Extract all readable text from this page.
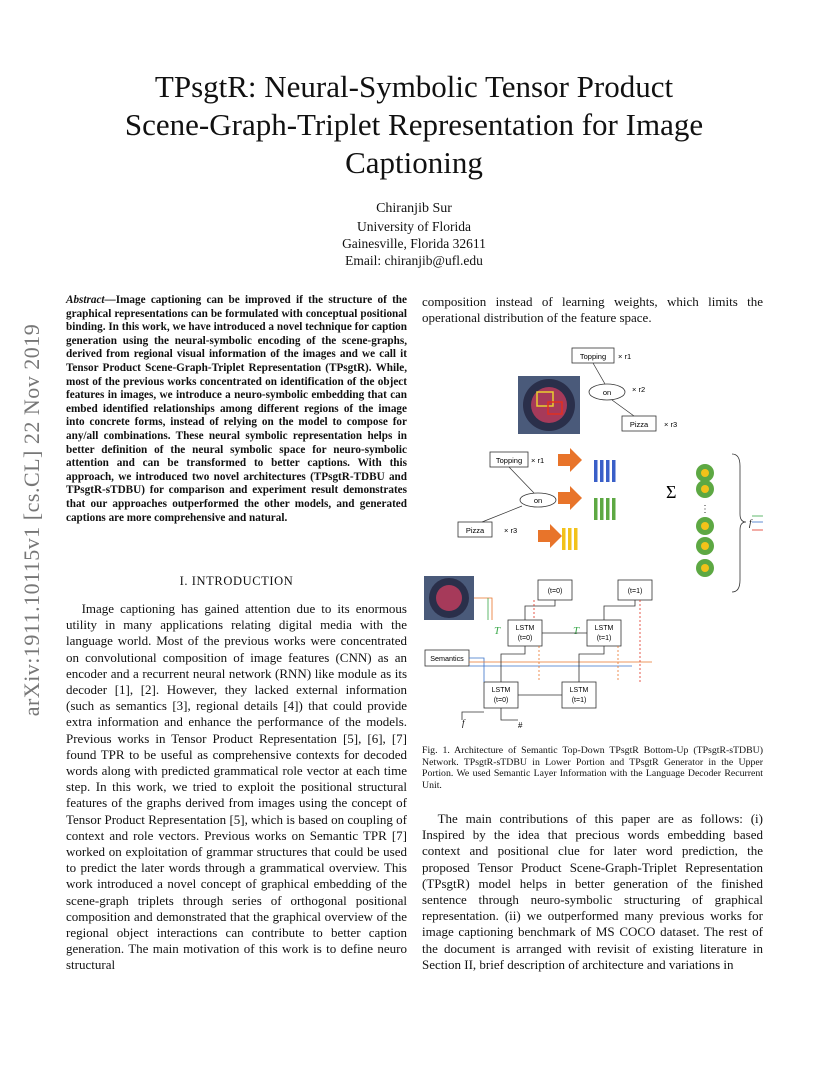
TPsgtR: Neural-Symbolic Tensor Product
Scene-Graph-Triplet Representation for Image
Captioning
Chiranjib Sur
University of Florida
Gainesville, Florida 32611
Email: chiranjib@ufl.edu
arXiv:1911.10115v1 [cs.CL] 22 Nov 2019
Abstract—Image captioning can be improved if the structure of the graphical representations can be formulated with conceptual positional binding. In this work, we have introduced a novel technique for caption generation using the neural-symbolic encoding of the scene-graphs, derived from regional visual information of the images and we call it Tensor Product Scene-Graph-Triplet Representation (TPsgtR). While, most of the previous works concentrated on identification of the object features in images, we introduce a neuro-symbolic embedding that can embed identified relationships among different regions of the image into concrete forms, instead of relying on the model to compose for any/all combinations. These neural symbolic representation helps in better definition of the neural symbolic space for neuro-symbolic attention and can be transformed to better captions. With this approach, we introduced two novel architectures (TPsgtR-TDBU and TPsgtR-sTDBU) for comparison and experiment result demonstrates that our approaches outperformed the other models, and generated captions are more comprehensive and natural.
I. INTRODUCTION
Image captioning has gained attention due to its enormous utility in many applications relating digital media with the language world. Most of the previous works were concentrated on convolutional composition of image features (CNN) as an encoder and a recurrent neural network (RNN) like module as its decoder [1], [2]. However, they lacked external information (such as semantics [3], regional details [4]) that could provide extra information and enhance the performance of the models. Previous works in Tensor Product Representation [5], [6], [7] found TPR to be useful as comprehensive contexts for decoded words along with predicted grammatical role vector at each time step. In this work, we tried to exploit the positional structural features of the graphs derived from images using the concept of Tensor Product Representation [5], which is based on coupling of context and role vectors. Previous works on Semantic TPR [7] worked on exploitation of grammar structures that could be used to predict the later words through a grammatical overview. This work introduced a novel concept of graphical embedding of the scene-graph triplets through series of orthogonal positional composition and demonstrated that the graphical overview of the regional object interactions can contribute to better caption generation. The main motivation of this work is to define neuro structural
composition instead of learning weights, which limits the operational distribution of the feature space.
Topping × r1
on	× r2
Pizza × r3
Topping × r1
on
Pizza	× r3
Σ
⋮
f
Semantics
(t=0)	(t=1)
LSTM
(t=0)
LSTM
(t=1)
T	T
LSTM
(t=0)
LSTM
(t=1)
f	#
Fig. 1. Architecture of Semantic Top-Down TPsgtR Bottom-Up (TPsgtR-sTDBU) Network. TPsgtR-sTDBU in Lower Portion and TPsgtR Generator in the Upper Portion. We used Semantic Layer Information with the Language Decoder Recurrent Unit.
The main contributions of this paper are as follows: (i) Inspired by the idea that precious words embedding based context and positional clue for later word prediction, the proposed Tensor Product Scene-Graph-Triplet Representation (TPsgtR) model helps in better generation of the finished sentence through neuro-symbolic structuring of graphical representation. (ii) we outperformed many previous works for image captioning benchmark of MS COCO dataset. The rest of the document is arranged with revisit of existing literature in Section II, brief description of architecture and variations in
